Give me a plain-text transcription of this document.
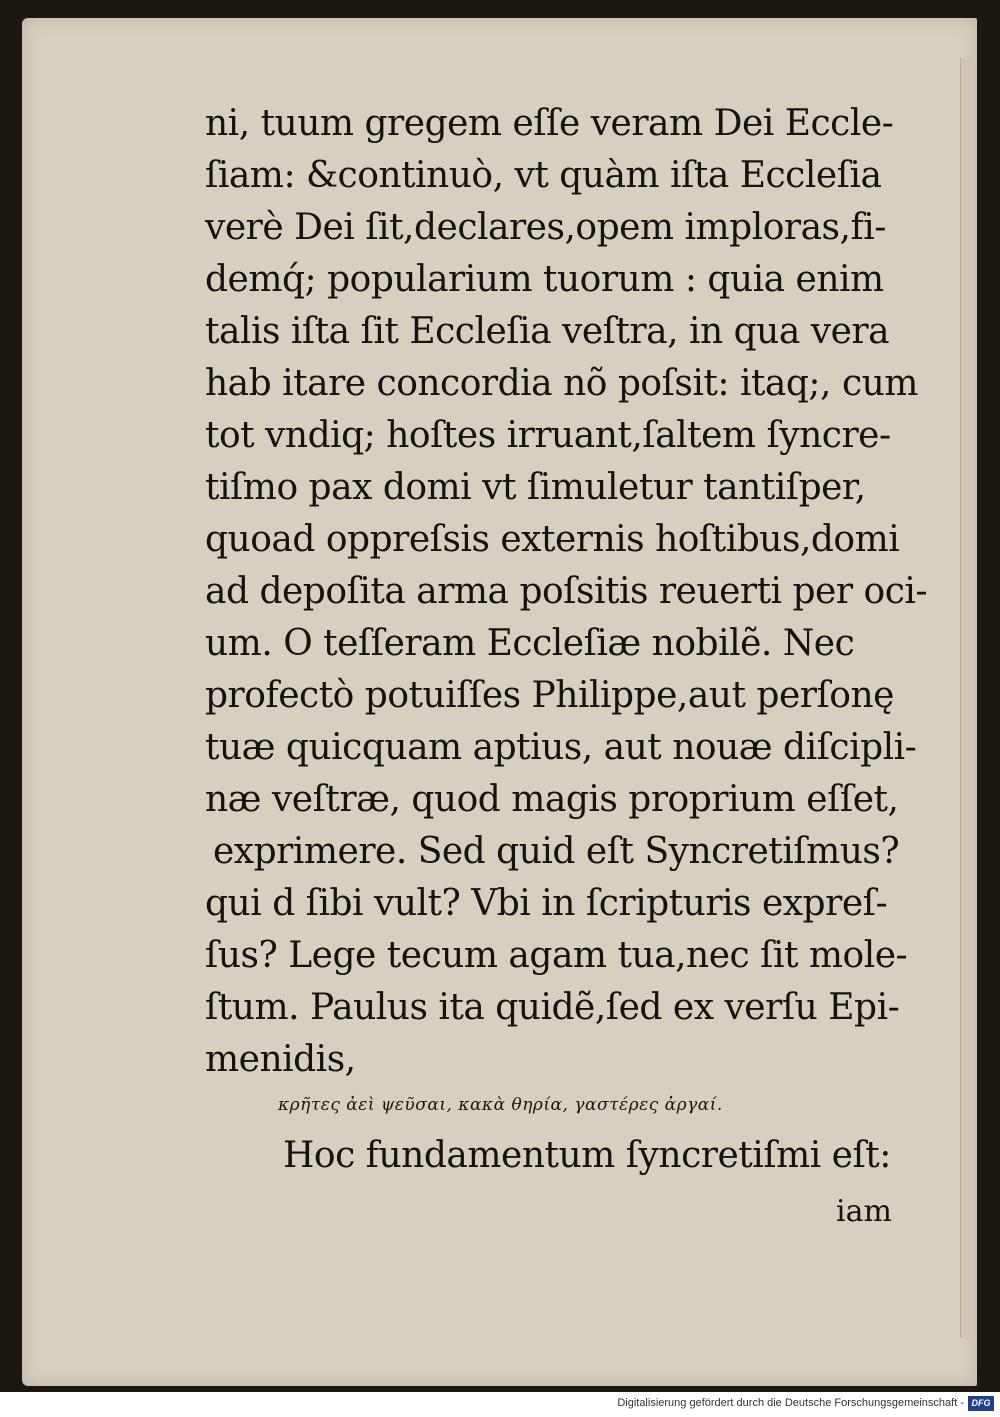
ni, tuum gregem eſſe veram Dei Eccle-
ſiam: &continuò, vt quàm iſta Eccleſia
verè Dei ſit,declares,opem imploras,fi-
demq́; popularium tuorum : quia enim
talis iſta ſit Eccleſia veſtra, in qua vera
hab itare concordia nõ poſsit: itaq;, cum
tot vndiq; hoſtes irruant,ſaltem ſyncre-
tiſmo pax domi vt ſimuletur tantiſper,
quoad oppreſsis externis hoſtibus,domi
ad depoſita arma poſsitis reuerti per oci-
um. O teſſeram Eccleſiæ nobilẽ. Nec
profectò potuiſſes Philippe,aut perſonę
tuæ quicquam aptius, aut nouæ diſcipli-
næ veſtræ, quod magis proprium eſſet,
exprimere. Sed quid eſt Syncretiſmus?
qui d ſibi vult? Vbi in ſcripturis expreſ-
ſus? Lege tecum agam tua,nec ſit mole-
ſtum. Paulus ita quidẽ,ſed ex verſu Epi-
menidis,
κρῆτες ἀεὶ ψεῦσαι, κακὰ θηρία, γαστέρες ἀργαί.
Hoc fundamentum ſyncretiſmi eſt:
iam
Digitalisierung gefördert durch die Deutsche Forschungsgemeinschaft - DFG
